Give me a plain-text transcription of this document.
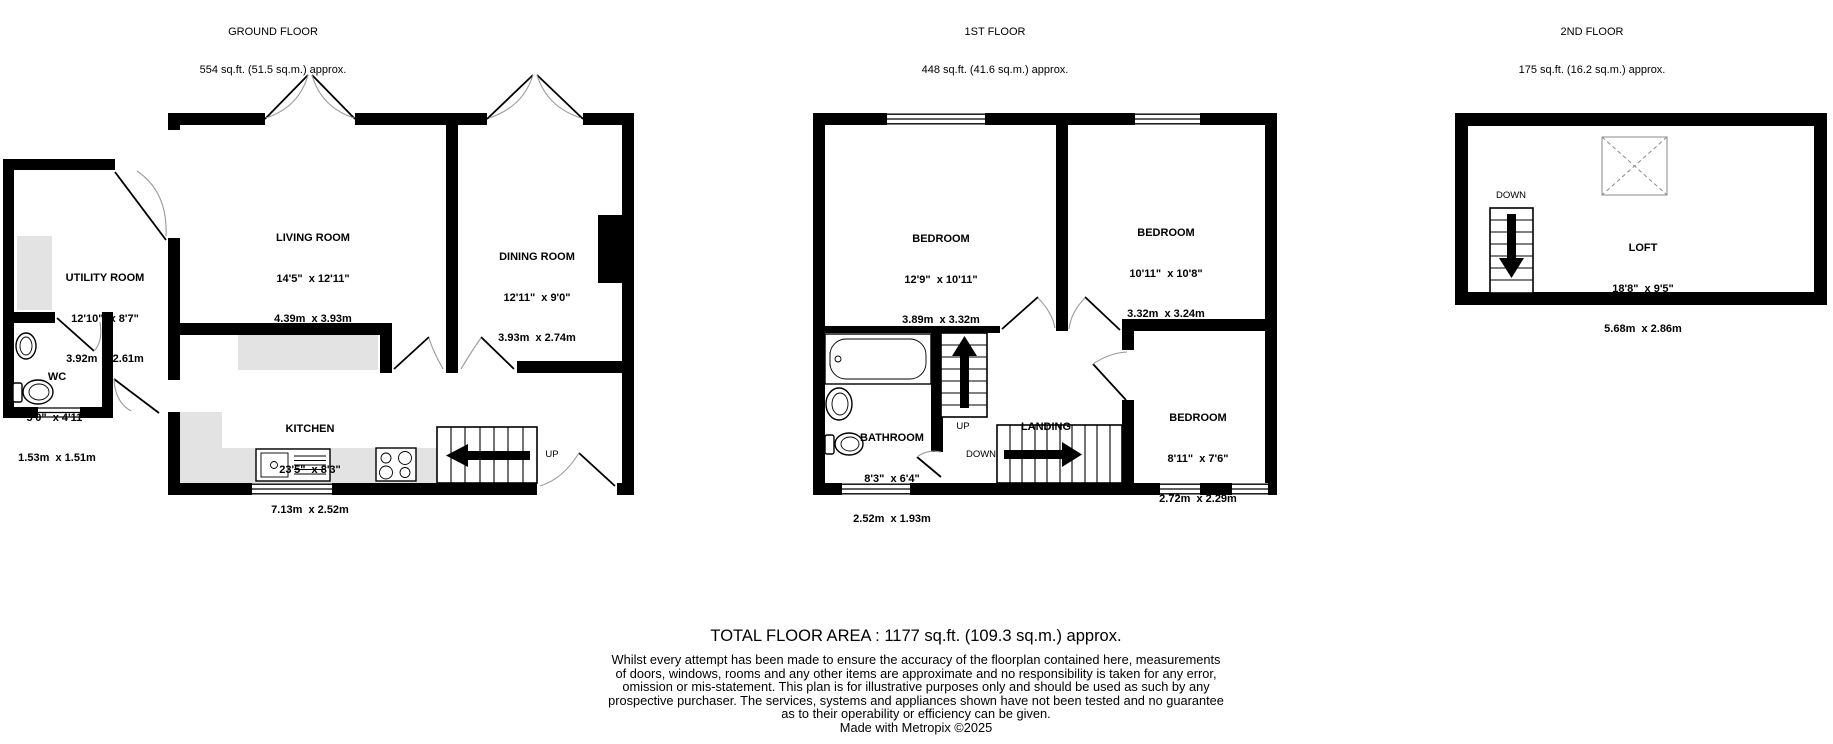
GROUND FLOOR

554 sq.ft. (51.5 sq.m.) approx.

1ST FLOOR

448 sq.ft. (41.6 sq.m.) approx.

2ND FLOOR

175 sq.ft. (16.2 sq.m.) approx.

LIVING ROOM

14'5"  x 12'11"

4.39m  x 3.93m

DINING ROOM

12'11"  x 9'0"

3.93m  x 2.74m

UTILITY ROOM

12'10"  x 8'7"

3.92m  x 2.61m

WC

5'0"  x 4'11"

1.53m  x 1.51m

KITCHEN

23'5"  x 8'3"

7.13m  x 2.52m

UP

BEDROOM

12'9"  x 10'11"

3.89m  x 3.32m

BEDROOM

10'11"  x 10'8"

3.32m  x 3.24m

BEDROOM

8'11"  x 7'6"

2.72m  x 2.29m

BATHROOM

8'3"  x 6'4"

2.52m  x 1.93m

LANDING

UP
DOWN

LOFT

18'8"  x 9'5"

5.68m  x 2.86m

DOWN
TOTAL FLOOR AREA : 1177 sq.ft. (109.3 sq.m.) approx.
Whilst every attempt has been made to ensure the accuracy of the floorplan contained here, measurements
of doors, windows, rooms and any other items are approximate and no responsibility is taken for any error,
omission or mis-statement. This plan is for illustrative purposes only and should be used as such by any
prospective purchaser. The services, systems and appliances shown have not been tested and no guarantee
as to their operability or efficiency can be given.
Made with Metropix ©2025
